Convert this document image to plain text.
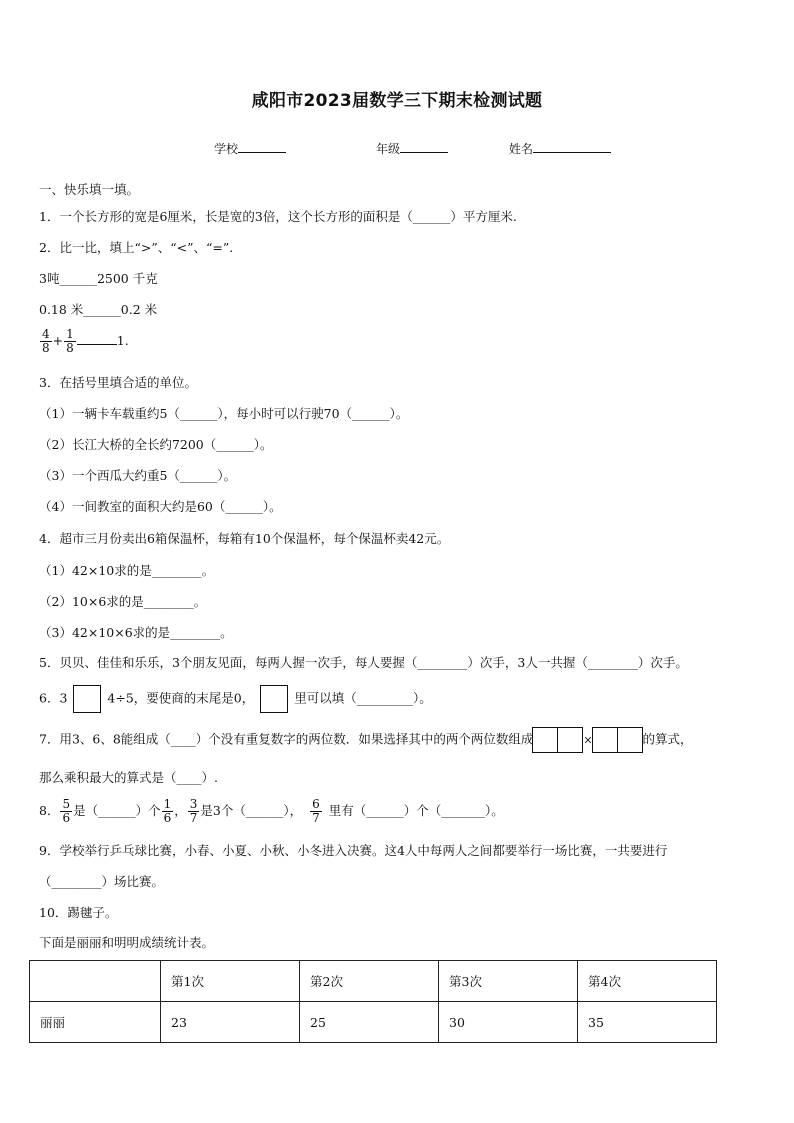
咸阳市2023届数学三下期末检测试题
学校	年级	姓名
一、快乐填一填。
1．一个长方形的宽是6厘米，长是宽的3倍，这个长方形的面积是（______）平方厘米.
2．比一比，填上“>”、“<”、“=”.
3吨______2500 千克
0.18 米______0.2 米
$\frac{4}{8} + \frac{1}{8}$	1.
3．在括号里填合适的单位。
（1）一辆卡车载重约5（______），每小时可以行驶70（______）。
（2）长江大桥的全长约7200（______）。
（3）一个西瓜大约重5（______）。
（4）一间教室的面积大约是60（______）。
4．超市三月份卖出6箱保温杯，每箱有10个保温杯，每个保温杯卖42元。
（1）42×10求的是________。
（2）10×6求的是________。
（3）42×10×6求的是________。
5．贝贝、佳佳和乐乐，3个朋友见面，每两人握一次手，每人要握（________）次手，3人一共握（________）次手。
6．3	4÷5，要使商的末尾是0，	里可以填（_________）。
7．用3、6、8能组成（____）个没有重复数字的两位数．如果选择其中的两个两位数组成	×	的算式，
那么乘积最大的算式是（____）.
8． $\frac{5}{6}$ 是（______）个 $\frac{1}{6}$ ， $\frac{3}{7}$ 是3个（______）， $\frac{6}{7}$ 里有（______）个（_______）。
9．学校举行乒乓球比赛，小春、小夏、小秋、小冬进入决赛。这4人中每两人之间都要举行一场比赛，一共要进行
（________）场比赛。
10．踢毽子。
下面是丽丽和明明成绩统计表。
	第1次	第2次	第3次	第4次
丽丽	23	25	30	35
